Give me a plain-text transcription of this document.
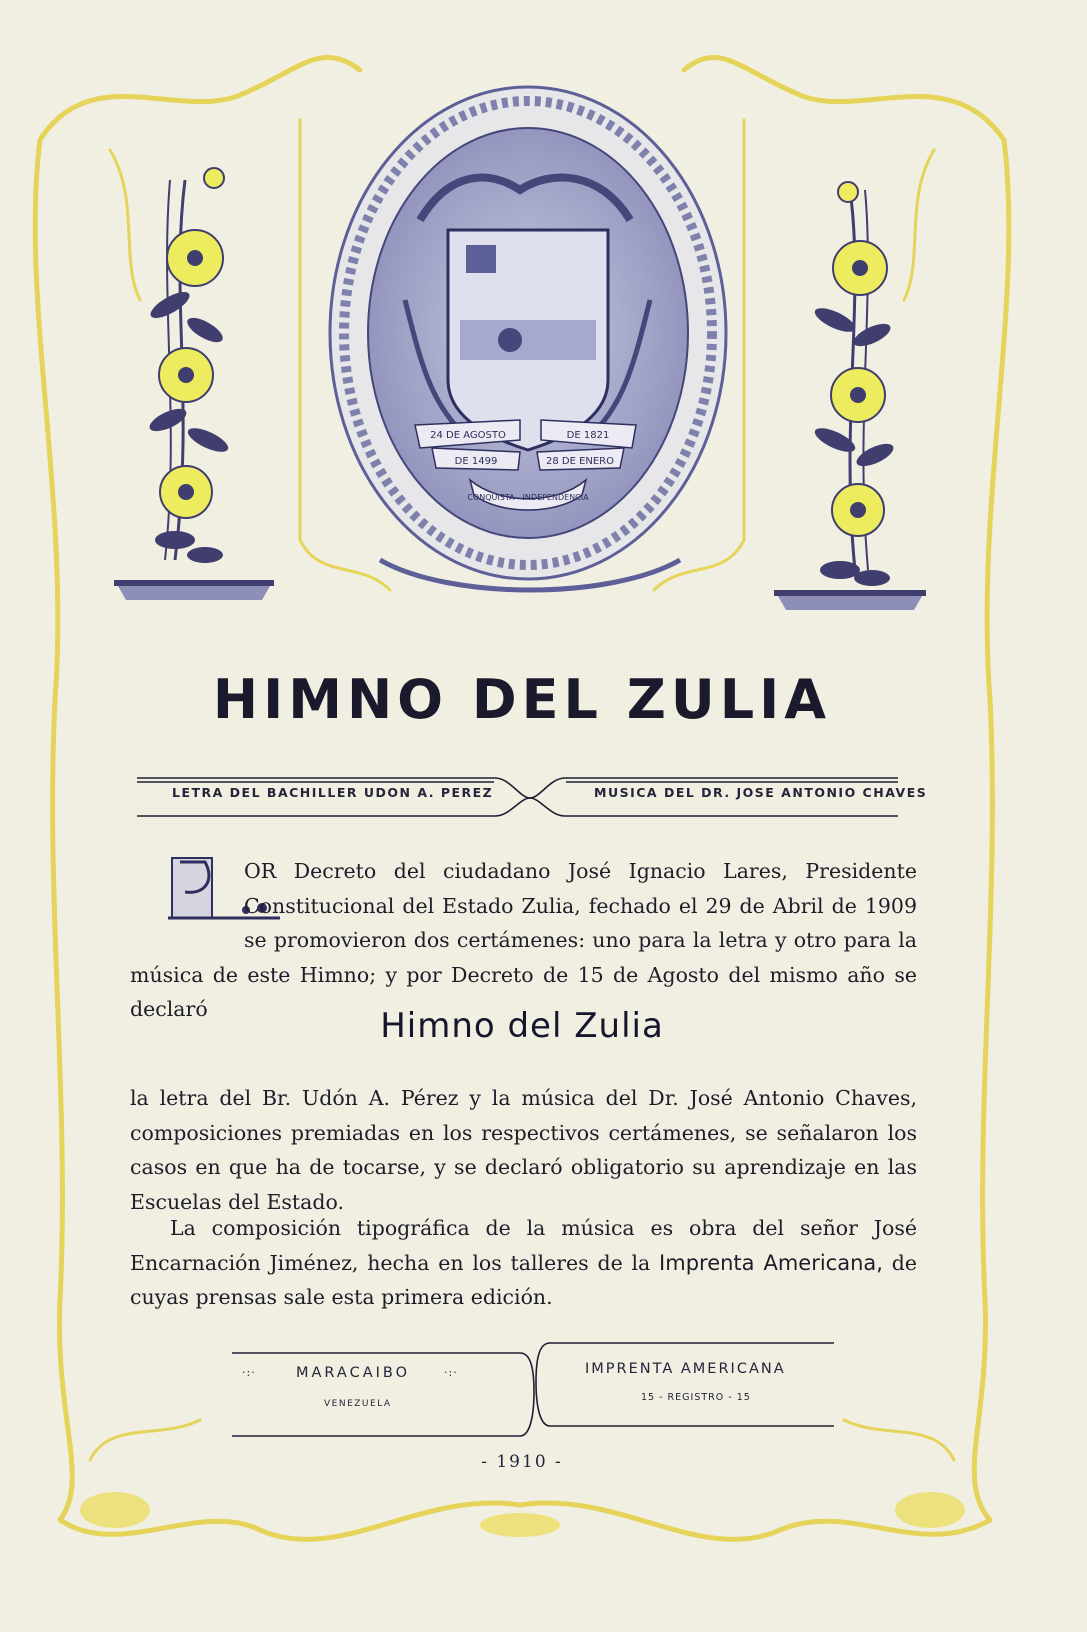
24 DE AGOSTO	DE 1821
DE 1499	28 DE ENERO
CONQUISTA - INDEPENDENCIA
HIMNO DEL ZULIA
LETRA DEL BACHILLER UDON A. PEREZ	MUSICA DEL DR. JOSE ANTONIO CHAVES
OR Decreto del ciudadano José Ignacio Lares, Presidente Constitucional del Estado Zulia, fechado el 29 de Abril de 1909 se promovieron dos certámenes: uno para la letra y otro para la música de este Himno; y por Decreto de 15 de Agosto del mismo año se declaró	Himno del Zulia
la letra del Br. Udón A. Pérez y la música del Dr. José Antonio Chaves, composiciones premiadas en los respectivos certámenes, se señalaron los casos en que ha de tocarse, y se declaró obligatorio su aprendizaje en las Escuelas del Estado.
La composición tipográfica de la música es obra del señor José Encarnación Jiménez, hecha en los talleres de la Imprenta Americana, de cuyas prensas sale esta primera edición.
·:·	·:·
MARACAIBO
VENEZUELA
IMPRENTA AMERICANA
15 - REGISTRO - 15
- 1910 -
